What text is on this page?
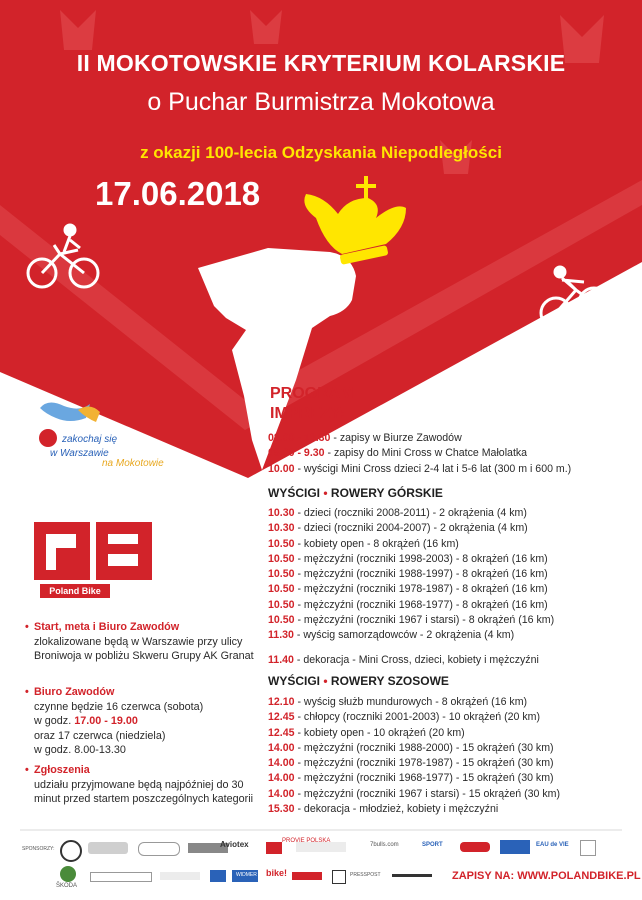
II MOKOTOWSKIE KRYTERIUM KOLARSKIE
o Puchar Burmistrza Mokotowa
z okazji 100-lecia Odzyskania Niepodległości
17.06.2018
PROGRAM
IMPREZY:
08.00 - 13.30 - zapisy w Biurze Zawodów
08.00 - 9.30 - zapisy do Mini Cross w Chatce Małolatka
10.00 - wyścigi Mini Cross dzieci 2-4 lat i 5-6 lat (300 m i 600 m.)
WYŚCIGI • ROWERY GÓRSKIE
10.30 - dzieci (roczniki 2008-2011) - 2 okrążenia (4 km)
10.30 - dzieci (roczniki 2004-2007) - 2 okrążenia (4 km)
10.50 - kobiety open - 8 okrążeń (16 km)
10.50 - mężczyźni (roczniki 1998-2003) - 8 okrążeń (16 km)
10.50 - mężczyźni (roczniki 1988-1997) - 8 okrążeń (16 km)
10.50 - mężczyźni (roczniki 1978-1987) - 8 okrążeń (16 km)
10.50 - mężczyźni (roczniki 1968-1977) - 8 okrążeń (16 km)
10.50 - mężczyźni (roczniki 1967 i starsi) - 8 okrążeń (16 km)
11.30 - wyścig samorządowców - 2 okrążenia (4 km)
11.40 - dekoracja - Mini Cross, dzieci, kobiety i mężczyźni
WYŚCIGI • ROWERY SZOSOWE
12.10 - wyścig służb mundurowych - 8 okrążeń (16 km)
12.45 - chłopcy (roczniki 2001-2003) - 10 okrążeń (20 km)
12.45 - kobiety open - 10 okrążeń (20 km)
14.00 - mężczyźni (roczniki 1988-2000) - 15 okrążeń (30 km)
14.00 - mężczyźni (roczniki 1978-1987) - 15 okrążeń (30 km)
14.00 - mężczyźni (roczniki 1968-1977) - 15 okrążeń (30 km)
14.00 - mężczyźni (roczniki 1967 i starsi) - 15 okrążeń (30 km)
15.30 - dekoracja - młodzież, kobiety i mężczyźni
zakochaj się
w Warszawie
na Mokotowie
Poland Bike
• Start, meta i Biuro Zawodów
zlokalizowane będą w Warszawie przy ulicy Broniwoja w pobliżu Skweru Grupy AK Granat
• Biuro Zawodów
czynne będzie 16 czerwca (sobota)
w godz. 17.00 - 19.00
oraz 17 czerwca (niedziela)
w godz. 8.00-13.30
• Zgłoszenia
udziału przyjmowane będą najpóźniej do 30 minut przed startem poszczególnych kategorii
SPONSORZY:	Aviotex	7bulls.com	SPORT	EAU de VIE
ŠKODA
PROVIE POLSKA
WIDMER bike!	PRESSPOST	ZAPISY NA: WWW.POLANDBIKE.PL
